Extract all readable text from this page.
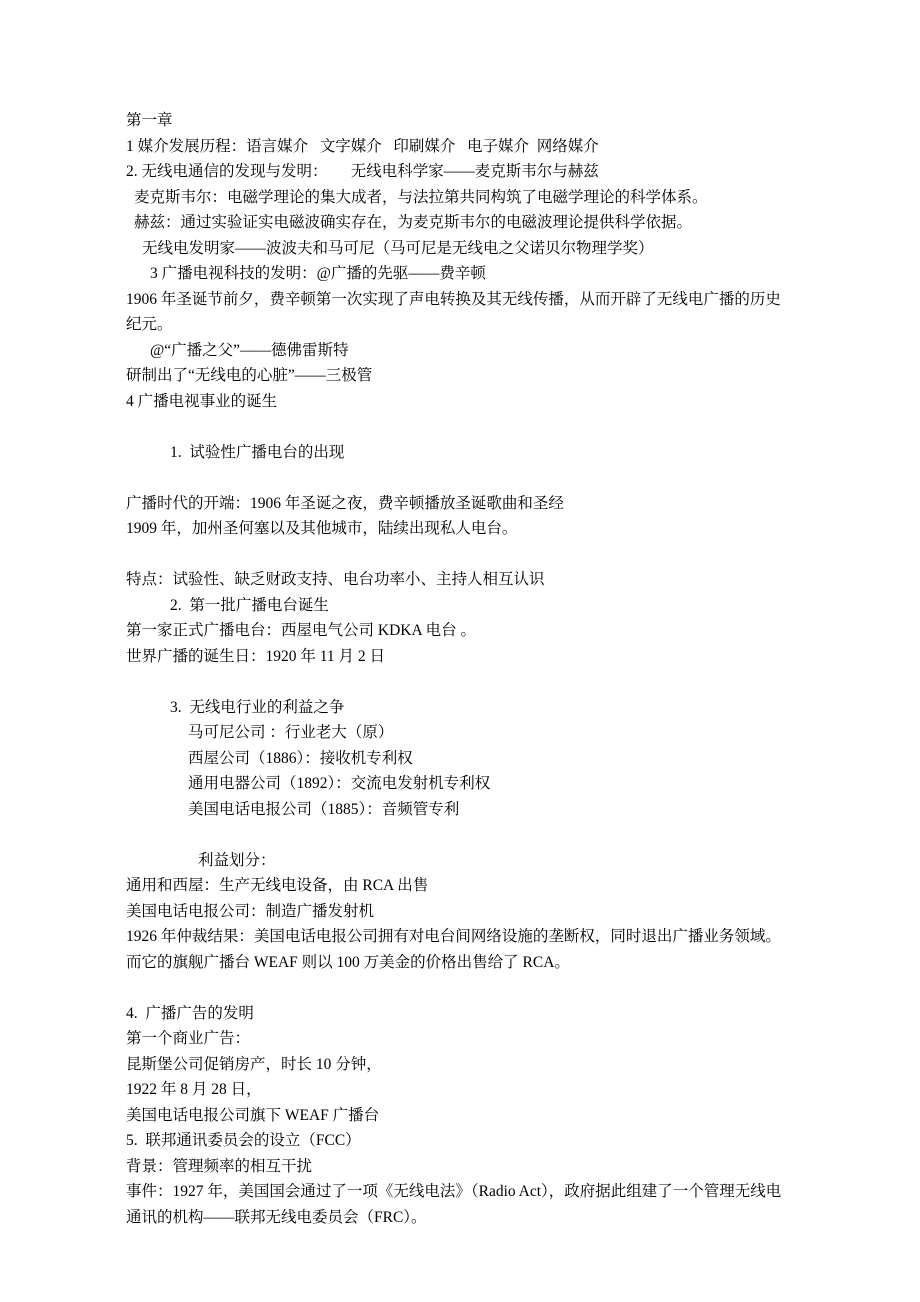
第一章
1 媒介发展历程：语言媒介   文字媒介   印刷媒介   电子媒介  网络媒介
2. 无线电通信的发现与发明：      无线电科学家——麦克斯韦尔与赫兹
麦克斯韦尔：电磁学理论的集大成者，与法拉第共同构筑了电磁学理论的科学体系。
赫兹：通过实验证实电磁波确实存在，为麦克斯韦尔的电磁波理论提供科学依据。
无线电发明家——波波夫和马可尼（马可尼是无线电之父诺贝尔物理学奖）
3 广播电视科技的发明：@广播的先驱——费辛顿
1906 年圣诞节前夕，费辛顿第一次实现了声电转换及其无线传播，从而开辟了无线电广播的历史纪元。
@“广播之父”——德佛雷斯特
研制出了“无线电的心脏”——三极管
4 广播电视事业的诞生
1.  试验性广播电台的出现
广播时代的开端：1906 年圣诞之夜，费辛顿播放圣诞歌曲和圣经
1909 年，加州圣何塞以及其他城市，陆续出现私人电台。
特点：试验性、缺乏财政支持、电台功率小、主持人相互认识
2.  第一批广播电台诞生
第一家正式广播电台：西屋电气公司 KDKA 电台 。
世界广播的诞生日：1920 年 11 月 2 日
3.  无线电行业的利益之争
马可尼公司 ：行业老大（原）
西屋公司（1886）：接收机专利权
通用电器公司（1892）：交流电发射机专利权
美国电话电报公司（1885）：音频管专利
利益划分：
通用和西屋：生产无线电设备，由 RCA 出售
美国电话电报公司：制造广播发射机
1926 年仲裁结果：美国电话电报公司拥有对电台间网络设施的垄断权，同时退出广播业务领域。而它的旗舰广播台 WEAF 则以 100 万美金的价格出售给了 RCA。
4.  广播广告的发明
第一个商业广告：
昆斯堡公司促销房产，时长 10 分钟，
1922 年 8 月 28 日，
美国电话电报公司旗下 WEAF 广播台
5.  联邦通讯委员会的设立（FCC）
背景：管理频率的相互干扰
事件：1927 年，美国国会通过了一项《无线电法》（Radio Act），政府据此组建了一个管理无线电通讯的机构——联邦无线电委员会（FRC）。
